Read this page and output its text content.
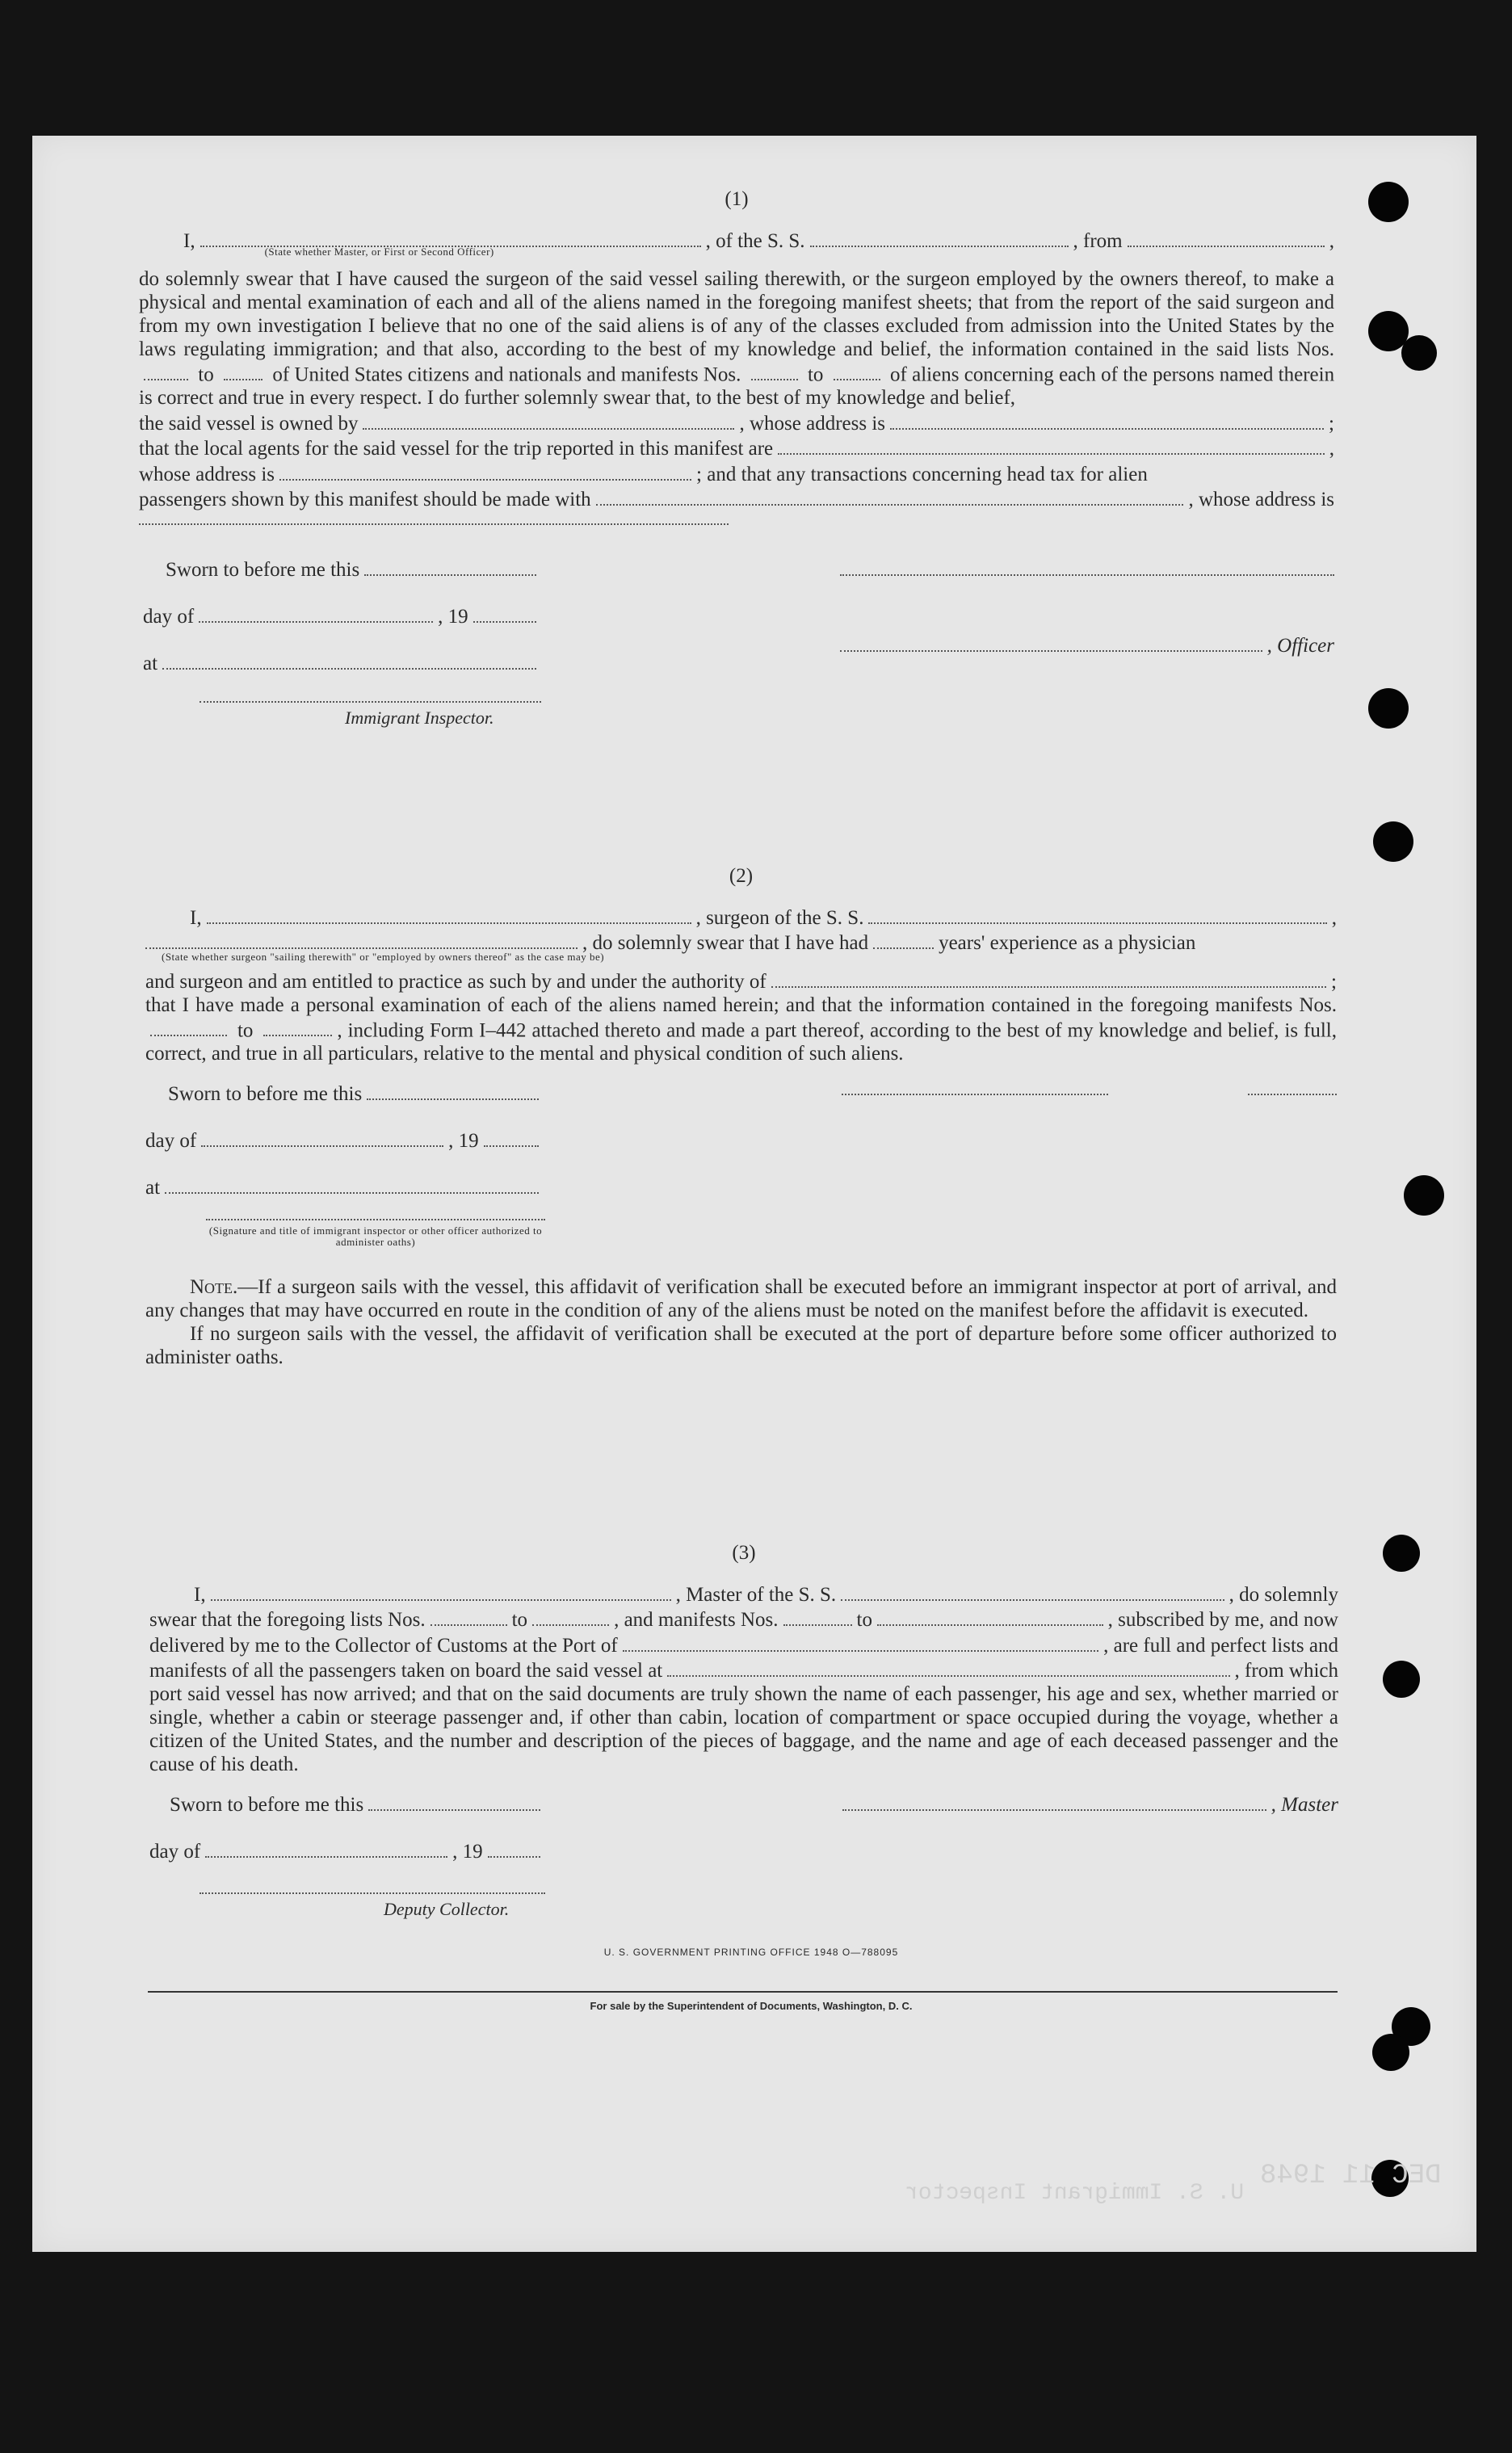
DEC 11 1948
U. S. Immigrant Inspector
(1)
I,	(State whether Master, or First or Second Officer)	, of the S. S.	, from	,
do solemnly swear that I have caused the surgeon of the said vessel sailing therewith, or the surgeon employed by the owners thereof, to make a physical and mental examination of each and all of the aliens named in the foregoing manifest sheets; that from the report of the said surgeon and from my own investigation I believe that no one of the said aliens is of any of the classes excluded from admission into the United States by the laws regulating immigration; and that also, according to the best of my knowledge and belief, the information contained in the said lists Nos.  to	of United States citizens and nationals and manifests Nos.	to	of aliens concerning each of the persons named therein is correct and true in every respect. I do further solemnly swear that, to the best of my knowledge and belief,
the said vessel is owned by	, whose address is	;
that the local agents for the said vessel for the trip reported in this manifest are	,
whose address is	; and that any transactions concerning head tax for alien
passengers shown by this manifest should be made with	, whose address is
Sworn to before me this
day of	, 19
at
Immigrant Inspector.
, Officer
(2)
I,	, surgeon of the S. S.	,
, do solemnly swear that I have had	years' experience as a physician
(State whether surgeon "sailing therewith" or "employed by owners thereof" as the case may be)
and surgeon and am entitled to practice as such by and under the authority of	;
that I have made a personal examination of each of the aliens named herein; and that the information contained in the foregoing manifests Nos.  to	, including Form I–442 attached thereto and made a part thereof, according to the best of my knowledge and belief, is full, correct, and true in all particulars, relative to the mental and physical condition of such aliens.
Sworn to before me this
day of	, 19
at
(Signature and title of immigrant inspector or other officer authorized to administer oaths)
Note.—If a surgeon sails with the vessel, this affidavit of verification shall be executed before an immigrant inspector at port of arrival, and any changes that may have occurred en route in the condition of any of the aliens must be noted on the manifest before the affidavit is executed.
If no surgeon sails with the vessel, the affidavit of verification shall be executed at the port of departure before some officer authorized to administer oaths.
(3)
I,	, Master of the S. S.	, do solemnly
swear that the foregoing lists Nos.	to	, and manifests Nos.	to	, subscribed by me, and now
delivered by me to the Collector of Customs at the Port of	, are full and perfect lists and
manifests of all the passengers taken on board the said vessel at	, from which
port said vessel has now arrived; and that on the said documents are truly shown the name of each passenger, his age and sex, whether married or single, whether a cabin or steerage passenger and, if other than cabin, location of compartment or space occupied during the voyage, whether a citizen of the United States, and the number and description of the pieces of baggage, and the name and age of each deceased passenger and the cause of his death.
Sworn to before me this
day of	, 19
Deputy Collector.
, Master
U. S. GOVERNMENT PRINTING OFFICE 1948 O—788095
For sale by the Superintendent of Documents, Washington, D. C.
